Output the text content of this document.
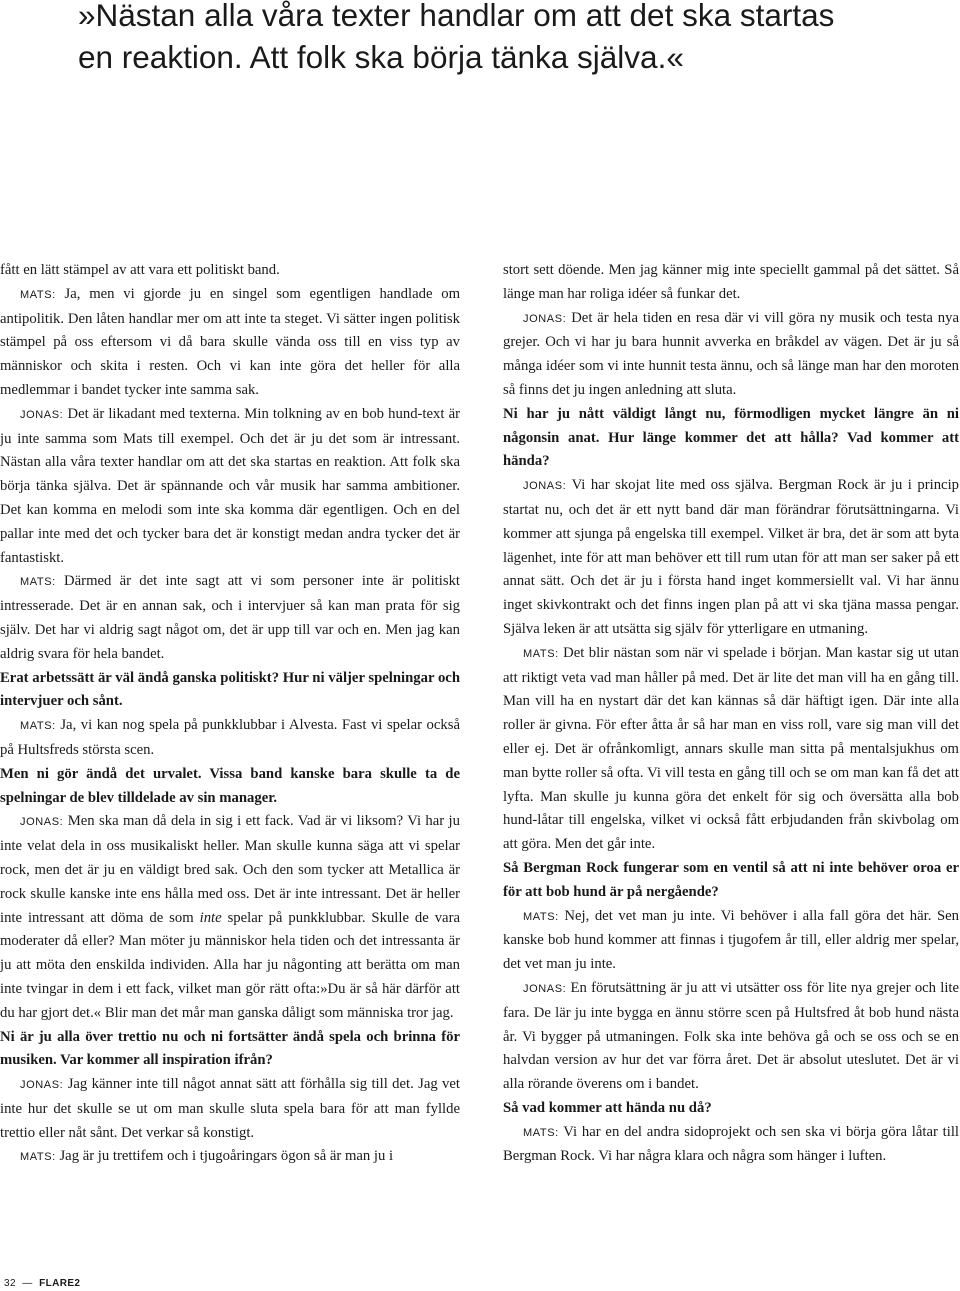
»Nästan alla våra texter handlar om att det ska startas en reaktion. Att folk ska börja tänka själva.«

fått en lätt stämpel av att vara ett politiskt band.

MATS: Ja, men vi gjorde ju en singel som egentligen handlade om antipolitik. Den låten handlar mer om att inte ta steget. Vi sätter ingen politisk stämpel på oss eftersom vi då bara skulle vända oss till en viss typ av människor och skita i resten. Och vi kan inte göra det heller för alla medlemmar i bandet tycker inte samma sak.

JONAS: Det är likadant med texterna. Min tolkning av en bob hund-text är ju inte samma som Mats till exempel. Och det är ju det som är intressant. Nästan alla våra texter handlar om att det ska startas en reaktion. Att folk ska börja tänka själva. Det är spännande och vår musik har samma ambitioner. Det kan komma en melodi som inte ska komma där egentligen. Och en del pallar inte med det och tycker bara det är konstigt medan andra tycker det är fantastiskt.

MATS: Därmed är det inte sagt att vi som personer inte är politiskt intresserade. Det är en annan sak, och i intervjuer så kan man prata för sig själv. Det har vi aldrig sagt något om, det är upp till var och en. Men jag kan aldrig svara för hela bandet.

Erat arbetssätt är väl ändå ganska politiskt? Hur ni väljer spelningar och intervjuer och sånt.

MATS: Ja, vi kan nog spela på punkklubbar i Alvesta. Fast vi spelar också på Hultsfreds största scen.

Men ni gör ändå det urvalet. Vissa band kanske bara skulle ta de spelningar de blev tilldelade av sin manager.

JONAS: Men ska man då dela in sig i ett fack. Vad är vi liksom? Vi har ju inte velat dela in oss musikaliskt heller. Man skulle kunna säga att vi spelar rock, men det är ju en väldigt bred sak. Och den som tycker att Metallica är rock skulle kanske inte ens hålla med oss. Det är inte intressant. Det är heller inte intressant att döma de som inte spelar på punkklubbar. Skulle de vara moderater då eller? Man möter ju människor hela tiden och det intressanta är ju att möta den enskilda individen. Alla har ju någonting att berätta om man inte tvingar in dem i ett fack, vilket man gör rätt ofta:»Du är så här därför att du har gjort det.« Blir man det mår man ganska dåligt som människa tror jag.

Ni är ju alla över trettio nu och ni fortsätter ändå spela och brinna för musiken. Var kommer all inspiration ifrån?

JONAS: Jag känner inte till något annat sätt att förhålla sig till det. Jag vet inte hur det skulle se ut om man skulle sluta spela bara för att man fyllde trettio eller nåt sånt. Det verkar så konstigt.

MATS: Jag är ju trettifem och i tjugoåringars ögon så är man ju i

stort sett döende. Men jag känner mig inte speciellt gammal på det sättet. Så länge man har roliga idéer så funkar det.

JONAS: Det är hela tiden en resa där vi vill göra ny musik och testa nya grejer. Och vi har ju bara hunnit avverka en bråkdel av vägen. Det är ju så många idéer som vi inte hunnit testa ännu, och så länge man har den moroten så finns det ju ingen anledning att sluta.

Ni har ju nått väldigt långt nu, förmodligen mycket längre än ni någonsin anat. Hur länge kommer det att hålla? Vad kommer att hända?

JONAS: Vi har skojat lite med oss själva. Bergman Rock är ju i princip startat nu, och det är ett nytt band där man förändrar förutsättningarna. Vi kommer att sjunga på engelska till exempel. Vilket är bra, det är som att byta lägenhet, inte för att man behöver ett till rum utan för att man ser saker på ett annat sätt. Och det är ju i första hand inget kommersiellt val. Vi har ännu inget skivkontrakt och det finns ingen plan på att vi ska tjäna massa pengar. Själva leken är att utsätta sig själv för ytterligare en utmaning.

MATS: Det blir nästan som när vi spelade i början. Man kastar sig ut utan att riktigt veta vad man håller på med. Det är lite det man vill ha en gång till. Man vill ha en nystart där det kan kännas så där häftigt igen. Där inte alla roller är givna. För efter åtta år så har man en viss roll, vare sig man vill det eller ej. Det är ofrånkomligt, annars skulle man sitta på mentalsjukhus om man bytte roller så ofta. Vi vill testa en gång till och se om man kan få det att lyfta. Man skulle ju kunna göra det enkelt för sig och översätta alla bob hund-låtar till engelska, vilket vi också fått erbjudanden från skivbolag om att göra. Men det går inte.

Så Bergman Rock fungerar som en ventil så att ni inte behöver oroa er för att bob hund är på nergående?

MATS: Nej, det vet man ju inte. Vi behöver i alla fall göra det här. Sen kanske bob hund kommer att finnas i tjugofem år till, eller aldrig mer spelar, det vet man ju inte.

JONAS: En förutsättning är ju att vi utsätter oss för lite nya grejer och lite fara. De lär ju inte bygga en ännu större scen på Hultsfred åt bob hund nästa år. Vi bygger på utmaningen. Folk ska inte behöva gå och se oss och se en halvdan version av hur det var förra året. Det är absolut uteslutet. Det är vi alla rörande överens om i bandet.

Så vad kommer att hända nu då?

MATS: Vi har en del andra sidoprojekt och sen ska vi börja göra låtar till Bergman Rock. Vi har några klara och några som hänger i luften.

32  —  FLARE2
